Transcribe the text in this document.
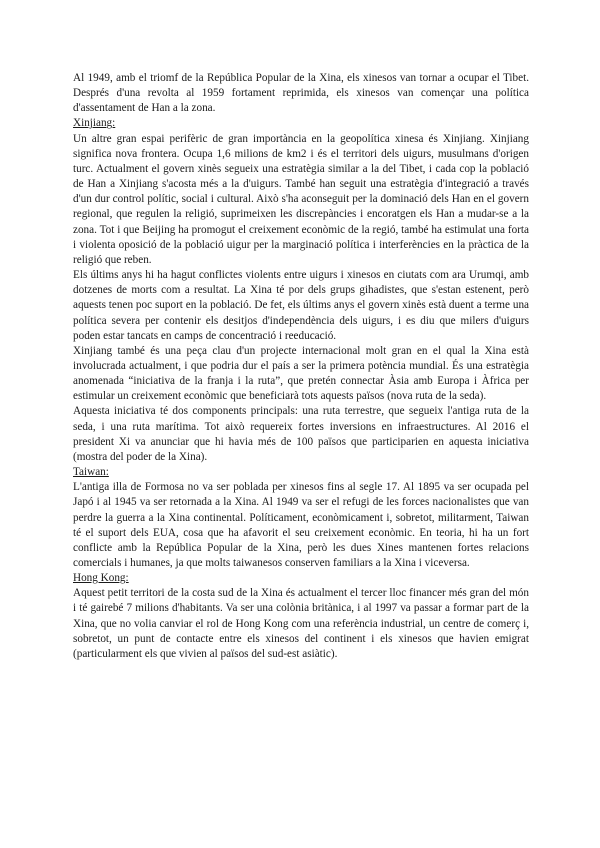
Al 1949, amb el triomf de la República Popular de la Xina, els xinesos van tornar a ocupar el Tibet. Després d'una revolta al 1959 fortament reprimida, els xinesos van començar una política d'assentament de Han a la zona.

Xinjiang:

Un altre gran espai perifèric de gran importància en la geopolítica xinesa és Xinjiang. Xinjiang significa nova frontera. Ocupa 1,6 milions de km2 i és el territori dels uigurs, musulmans d'origen turc. Actualment el govern xinès segueix una estratègia similar a la del Tibet, i cada cop la població de Han a Xinjiang s'acosta més a la d'uigurs. També han seguit una estratègia d'integració a través d'un dur control polític, social i cultural. Això s'ha aconseguit per la dominació dels Han en el govern regional, que regulen la religió, suprimeixen les discrepàncies i encoratgen els Han a mudar-se a la zona. Tot i que Beijing ha promogut el creixement econòmic de la regió, també ha estimulat una forta i violenta oposició de la població uigur per la marginació política i interferències en la pràctica de la religió que reben.

Els últims anys hi ha hagut conflictes violents entre uigurs i xinesos en ciutats com ara Urumqi, amb dotzenes de morts com a resultat. La Xina té por dels grups gihadistes, que s'estan estenent, però aquests tenen poc suport en la població. De fet, els últims anys el govern xinès està duent a terme una política severa per contenir els desitjos d'independència dels uigurs, i es diu que milers d'uigurs poden estar tancats en camps de concentració i reeducació.

Xinjiang també és una peça clau d'un projecte internacional molt gran en el qual la Xina està involucrada actualment, i que podria dur el país a ser la primera potència mundial. És una estratègia anomenada “iniciativa de la franja i la ruta”, que pretén connectar Àsia amb Europa i Àfrica per estimular un creixement econòmic que beneficiarà tots aquests països (nova ruta de la seda).

Aquesta iniciativa té dos components principals: una ruta terrestre, que segueix l'antiga ruta de la seda, i una ruta marítima. Tot això requereix fortes inversions en infraestructures. Al 2016 el president Xi va anunciar que hi havia més de 100 països que participarien en aquesta iniciativa (mostra del poder de la Xina).

Taiwan:

L'antiga illa de Formosa no va ser poblada per xinesos fins al segle 17. Al 1895 va ser ocupada pel Japó i al 1945 va ser retornada a la Xina. Al 1949 va ser el refugi de les forces nacionalistes que van perdre la guerra a la Xina continental. Políticament, econòmicament i, sobretot, militarment, Taiwan té el suport dels EUA, cosa que ha afavorit el seu creixement econòmic. En teoria, hi ha un fort conflicte amb la República Popular de la Xina, però les dues Xines mantenen fortes relacions comercials i humanes, ja que molts taiwanesos conserven familiars a la Xina i viceversa.

Hong Kong:

Aquest petit territori de la costa sud de la Xina és actualment el tercer lloc financer més gran del món i té gairebé 7 milions d'habitants. Va ser una colònia britànica, i al 1997 va passar a formar part de la Xina, que no volia canviar el rol de Hong Kong com una referència industrial, un centre de comerç i, sobretot, un punt de contacte entre els xinesos del continent i els xinesos que havien emigrat (particularment els que vivien al països del sud-est asiàtic).
